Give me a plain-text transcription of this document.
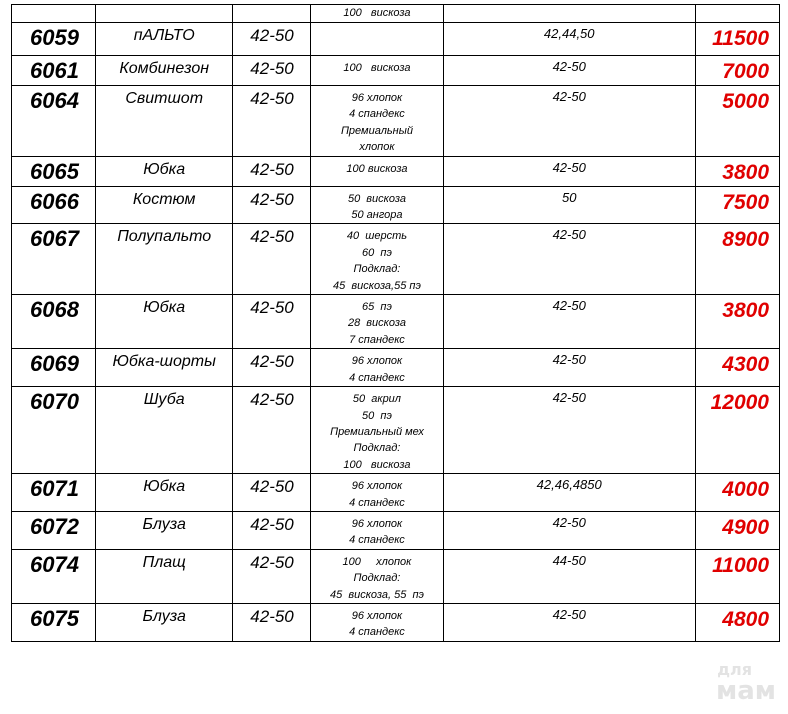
			100   вискоза		

6059	пАЛЬТО	42-50		42,44,50	11500
6061	Комбинезон	42-50	100   вискоза	42-50	7000
6064	Свитшот	42-50	96 хлопок
4 спандекс
Премиальный
хлопок	42-50	5000
6065	Юбка	42-50	100 вискоза	42-50	3800
6066	Костюм	42-50	50  вискоза
50 ангора	50	7500
6067	Полупальто	42-50	40  шерсть
60  пэ
Подклад:
45  вискоза,55 пэ	42-50	8900
6068	Юбка	42-50	65  пэ
28  вискоза
7 спандекс	42-50	3800
6069	Юбка-шорты	42-50	96 хлопок
4 спандекс	42-50	4300
6070	Шуба	42-50	50  акрил
50  пэ
Премиальный мех
Подклад:
100   вискоза	42-50	12000
6071	Юбка	42-50	96 хлопок
4 спандекс	42,46,4850	4000
6072	Блуза	42-50	96 хлопок
4 спандекс	42-50	4900
6074	Плащ	42-50	100     хлопок
Подклад:
45  вискоза, 55  пэ	44-50	11000
6075	Блуза	42-50	96 хлопок
4 спандекс	42-50	4800
для
мам
